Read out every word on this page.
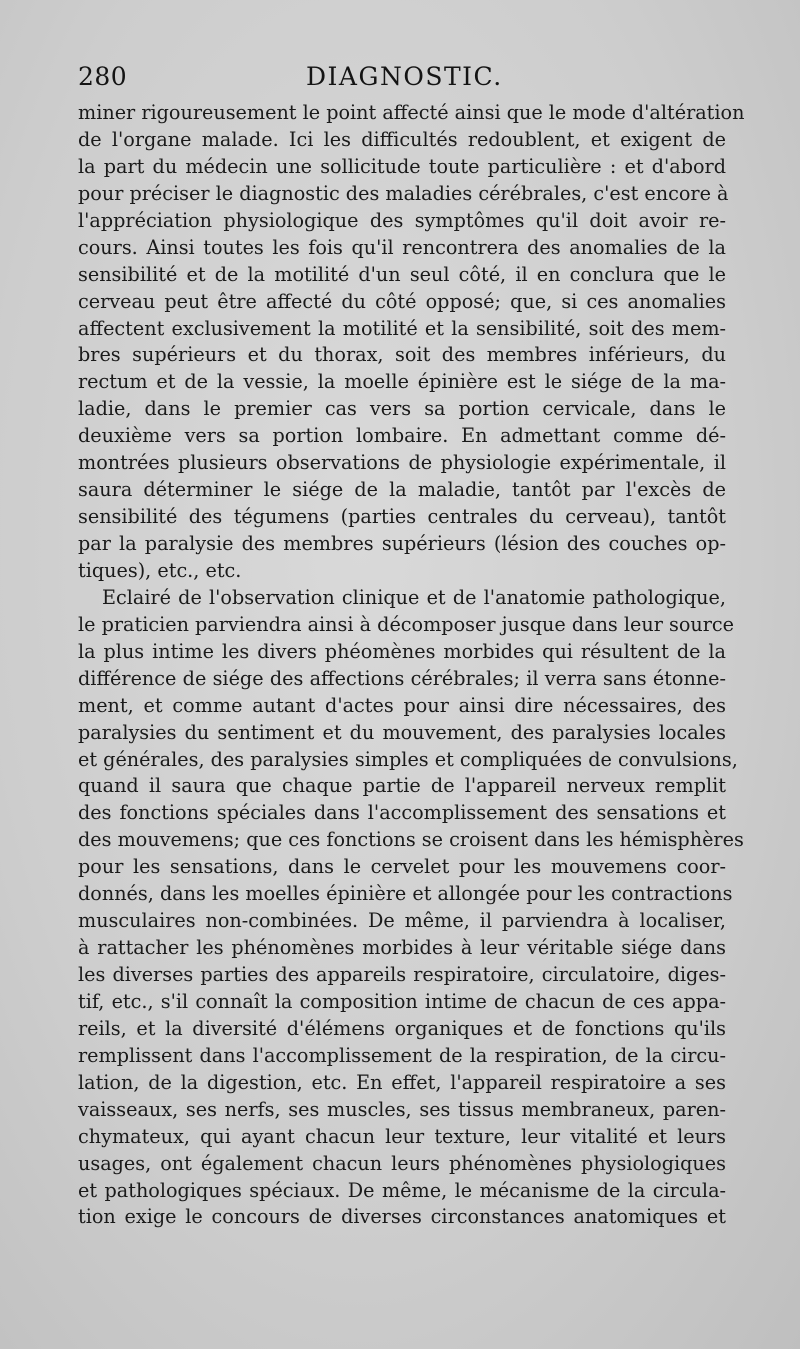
280	DIAGNOSTIC.
miner rigoureusement le point affecté ainsi que le mode d'altération
de l'organe malade. Ici les difficultés redoublent, et exigent de
la part du médecin une sollicitude toute particulière : et d'abord
pour préciser le diagnostic des maladies cérébrales, c'est encore à
l'appréciation physiologique des symptômes qu'il doit avoir re-
cours. Ainsi toutes les fois qu'il rencontrera des anomalies de la
sensibilité et de la motilité d'un seul côté, il en conclura que le
cerveau peut être affecté du côté opposé; que, si ces anomalies
affectent exclusivement la motilité et la sensibilité, soit des mem-
bres supérieurs et du thorax, soit des membres inférieurs, du
rectum et de la vessie, la moelle épinière est le siége de la ma-
ladie, dans le premier cas vers sa portion cervicale, dans le
deuxième vers sa portion lombaire. En admettant comme dé-
montrées plusieurs observations de physiologie expérimentale, il
saura déterminer le siége de la maladie, tantôt par l'excès de
sensibilité des tégumens (parties centrales du cerveau), tantôt
par la paralysie des membres supérieurs (lésion des couches op-
tiques), etc., etc.
Eclairé de l'observation clinique et de l'anatomie pathologique,
le praticien parviendra ainsi à décomposer jusque dans leur source
la plus intime les divers phéomènes morbides qui résultent de la
différence de siége des affections cérébrales; il verra sans étonne-
ment, et comme autant d'actes pour ainsi dire nécessaires, des
paralysies du sentiment et du mouvement, des paralysies locales
et générales, des paralysies simples et compliquées de convulsions,
quand il saura que chaque partie de l'appareil nerveux remplit
des fonctions spéciales dans l'accomplissement des sensations et
des mouvemens; que ces fonctions se croisent dans les hémisphères
pour les sensations, dans le cervelet pour les mouvemens coor-
donnés, dans les moelles épinière et allongée pour les contractions
musculaires non-combinées. De même, il parviendra à localiser,
à rattacher les phénomènes morbides à leur véritable siége dans
les diverses parties des appareils respiratoire, circulatoire, diges-
tif, etc., s'il connaît la composition intime de chacun de ces appa-
reils, et la diversité d'élémens organiques et de fonctions qu'ils
remplissent dans l'accomplissement de la respiration, de la circu-
lation, de la digestion, etc. En effet, l'appareil respiratoire a ses
vaisseaux, ses nerfs, ses muscles, ses tissus membraneux, paren-
chymateux, qui ayant chacun leur texture, leur vitalité et leurs
usages, ont également chacun leurs phénomènes physiologiques
et pathologiques spéciaux. De même, le mécanisme de la circula-
tion exige le concours de diverses circonstances anatomiques et
